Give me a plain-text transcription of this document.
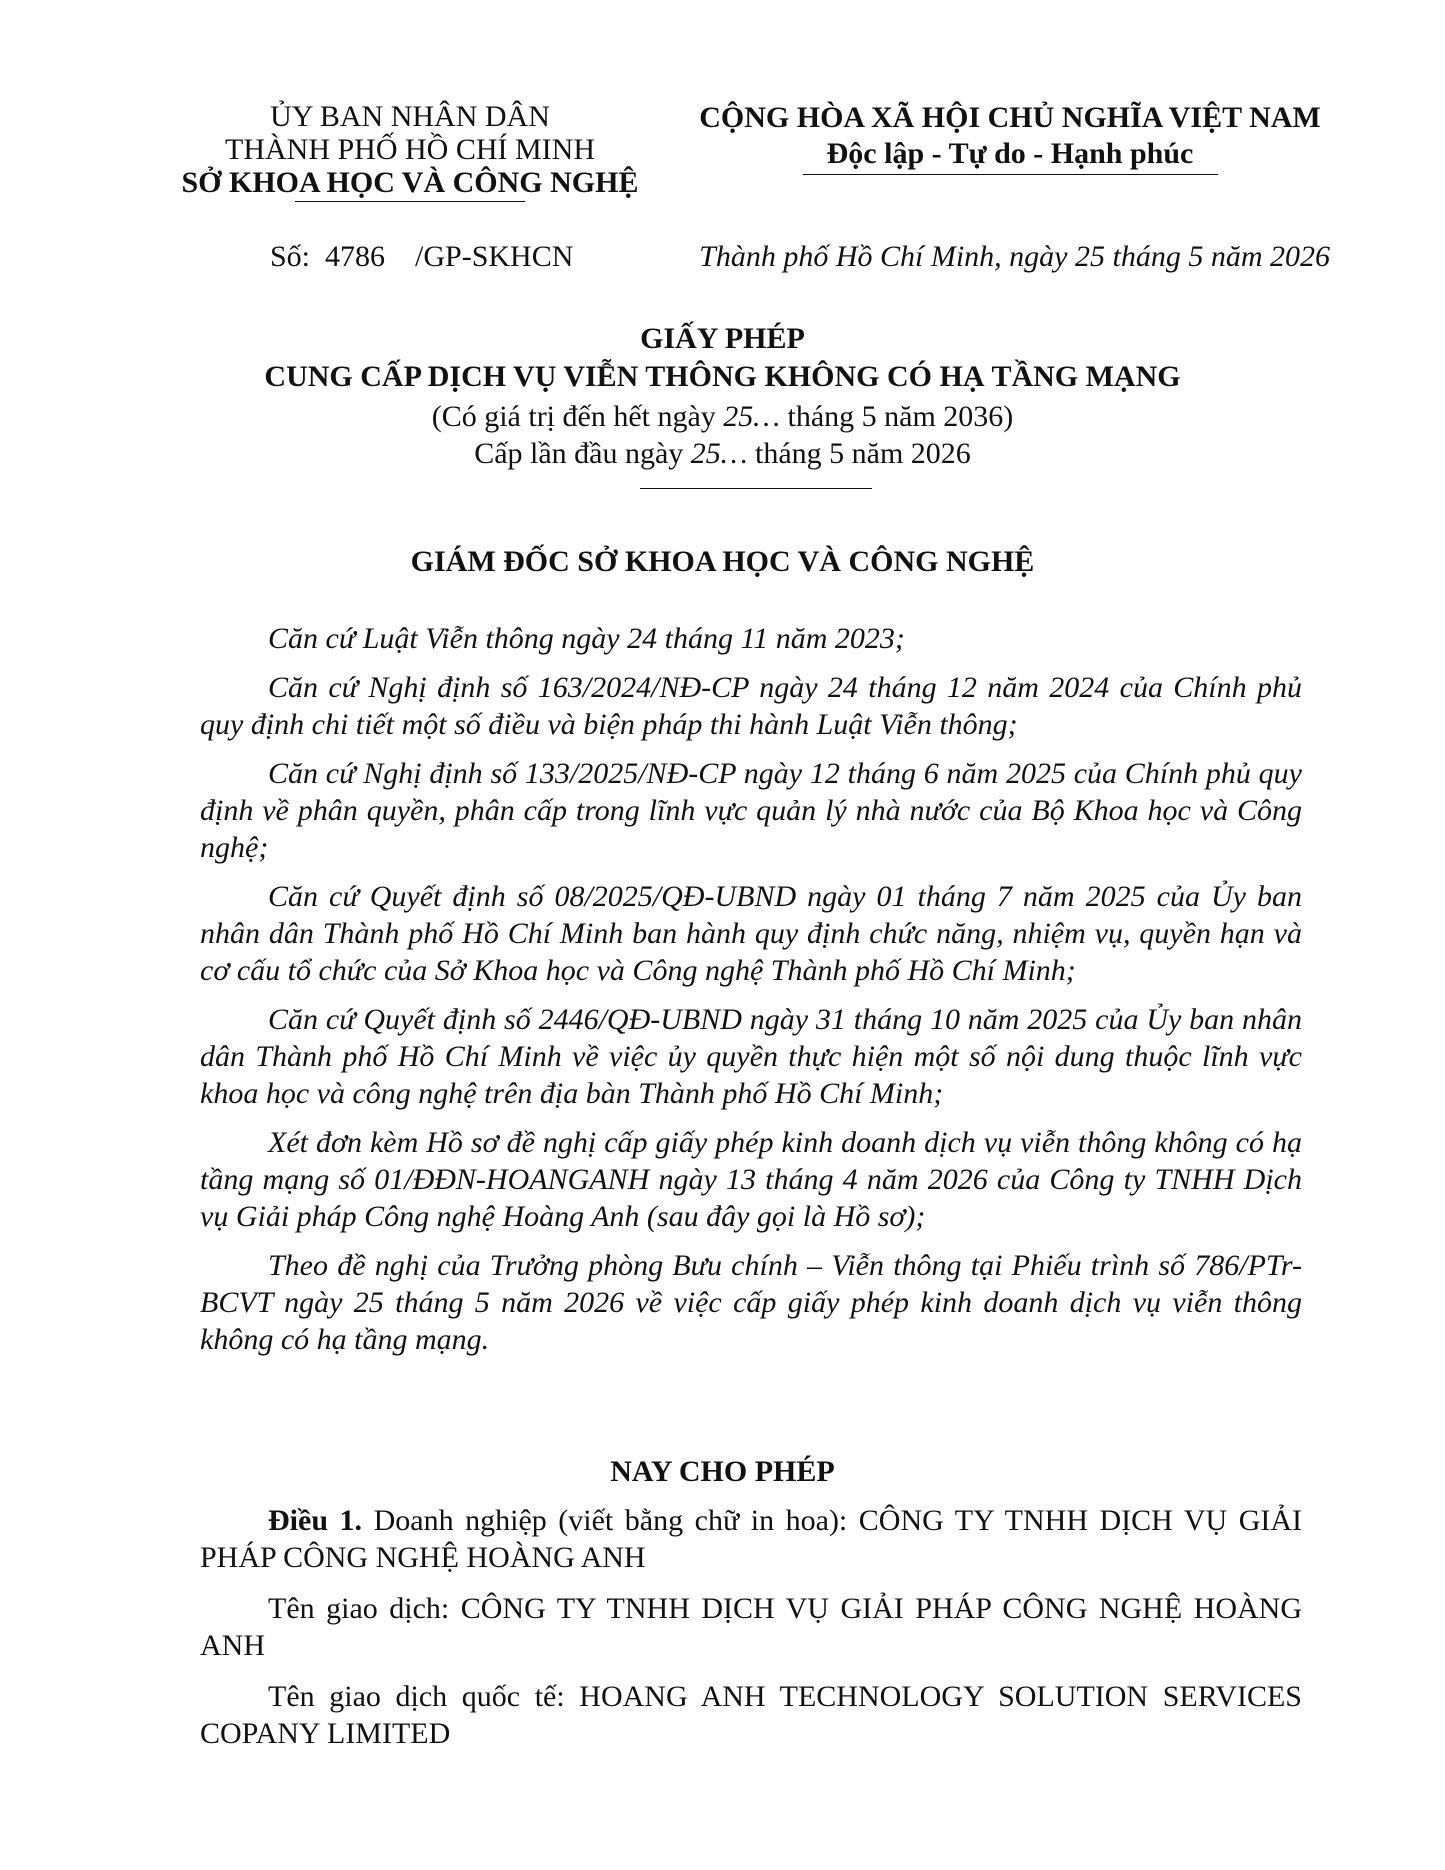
ỦY BAN NHÂN DÂN
THÀNH PHỐ HỒ CHÍ MINH
SỞ KHOA HỌC VÀ CÔNG NGHỆ
CỘNG HÒA XÃ HỘI CHỦ NGHĨA VIỆT NAM
Độc lập - Tự do - Hạnh phúc
Số: 4786 /GP-SKHCN	Thành phố Hồ Chí Minh, ngày 25 tháng 5 năm 2026
GIẤY PHÉP
CUNG CẤP DỊCH VỤ VIỄN THÔNG KHÔNG CÓ HẠ TẦNG MẠNG
(Có giá trị đến hết ngày 25… tháng 5 năm 2036)
Cấp lần đầu ngày 25… tháng 5 năm 2026
GIÁM ĐỐC SỞ KHOA HỌC VÀ CÔNG NGHỆ

Căn cứ Luật Viễn thông ngày 24 tháng 11 năm 2023;

Căn cứ Nghị định số 163/2024/NĐ-CP ngày 24 tháng 12 năm 2024 của Chính phủ quy định chi tiết một số điều và biện pháp thi hành Luật Viễn thông;

Căn cứ Nghị định số 133/2025/NĐ-CP ngày 12 tháng 6 năm 2025 của Chính phủ quy định về phân quyền, phân cấp trong lĩnh vực quản lý nhà nước của Bộ Khoa học và Công nghệ;

Căn cứ Quyết định số 08/2025/QĐ-UBND ngày 01 tháng 7 năm 2025 của Ủy ban nhân dân Thành phố Hồ Chí Minh ban hành quy định chức năng, nhiệm vụ, quyền hạn và cơ cấu tổ chức của Sở Khoa học và Công nghệ Thành phố Hồ Chí Minh;

Căn cứ Quyết định số 2446/QĐ-UBND ngày 31 tháng 10 năm 2025 của Ủy ban nhân dân Thành phố Hồ Chí Minh về việc ủy quyền thực hiện một số nội dung thuộc lĩnh vực khoa học và công nghệ trên địa bàn Thành phố Hồ Chí Minh;

Xét đơn kèm Hồ sơ đề nghị cấp giấy phép kinh doanh dịch vụ viễn thông không có hạ tầng mạng số 01/ĐĐN-HOANGANH ngày 13 tháng 4 năm 2026 của Công ty TNHH Dịch vụ Giải pháp Công nghệ Hoàng Anh (sau đây gọi là Hồ sơ);

Theo đề nghị của Trưởng phòng Bưu chính – Viễn thông tại Phiếu trình số 786/PTr-BCVT ngày 25 tháng 5 năm 2026 về việc cấp giấy phép kinh doanh dịch vụ viễn thông không có hạ tầng mạng.

NAY CHO PHÉP

Điều 1. Doanh nghiệp (viết bằng chữ in hoa): CÔNG TY TNHH DỊCH VỤ GIẢI PHÁP CÔNG NGHỆ HOÀNG ANH

Tên giao dịch: CÔNG TY TNHH DỊCH VỤ GIẢI PHÁP CÔNG NGHỆ HOÀNG ANH

Tên giao dịch quốc tế: HOANG ANH TECHNOLOGY SOLUTION SERVICES COPANY LIMITED
